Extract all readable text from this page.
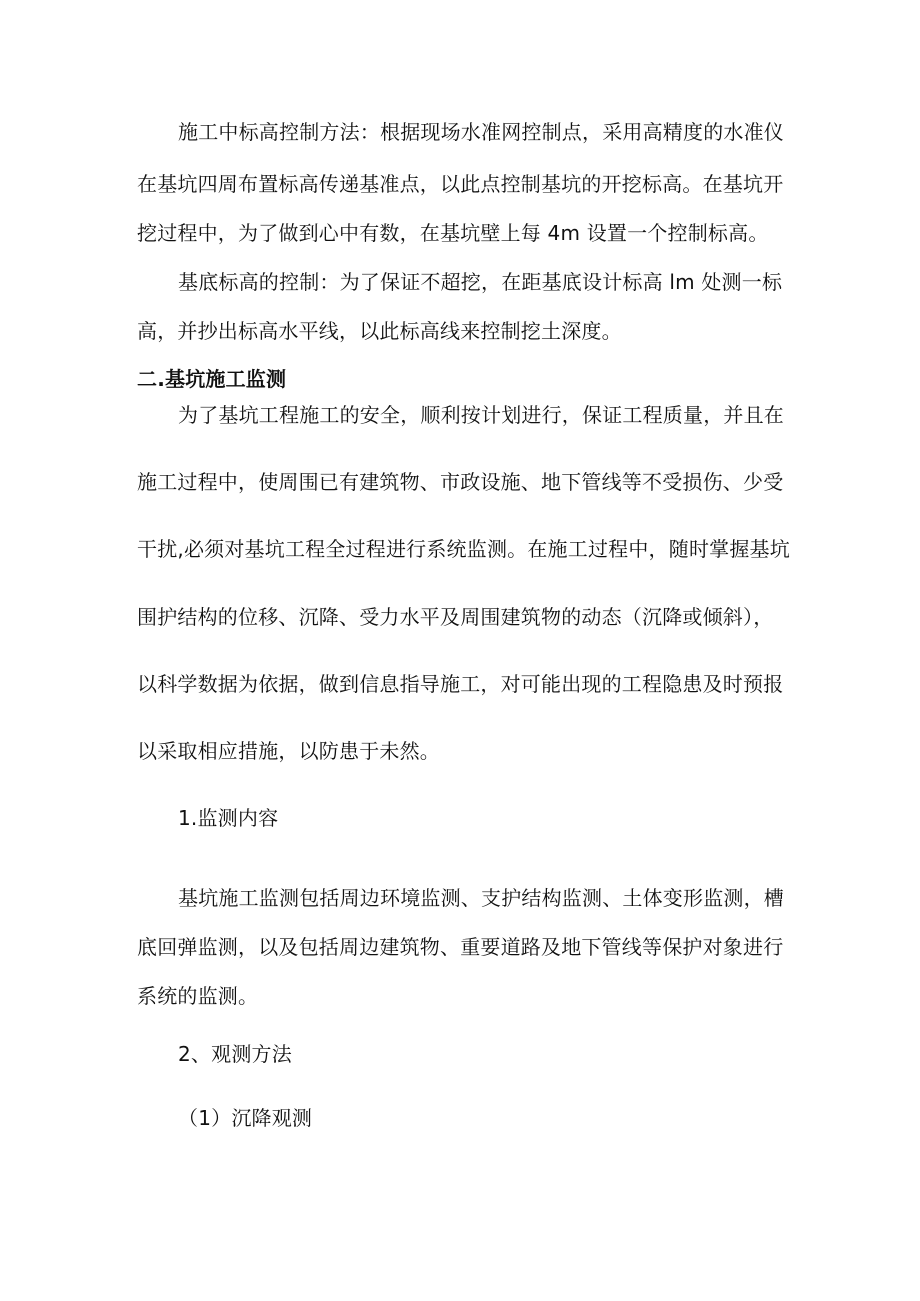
施工中标高控制方法：根据现场水准网控制点，采用高精度的水准仪
在基坑四周布置标高传递基准点，以此点控制基坑的开挖标高。在基坑开
挖过程中，为了做到心中有数，在基坑壁上每 4m 设置一个控制标高。
基底标高的控制：为了保证不超挖，在距基底设计标高 lm 处测一标
高，并抄出标高水平线，以此标高线来控制挖土深度。
二.基坑施工监测
为了基坑工程施工的安全，顺利按计划进行，保证工程质量，并且在
施工过程中，使周围已有建筑物、市政设施、地下管线等不受损伤、少受
干扰,必须对基坑工程全过程进行系统监测。在施工过程中，随时掌握基坑
围护结构的位移、沉降、受力水平及周围建筑物的动态（沉降或倾斜），
以科学数据为依据，做到信息指导施工，对可能出现的工程隐患及时预报
以采取相应措施，以防患于未然。
1.监测内容
基坑施工监测包括周边环境监测、支护结构监测、土体变形监测，槽
底回弹监测，以及包括周边建筑物、重要道路及地下管线等保护对象进行
系统的监测。
2、观测方法
（1）沉降观测
